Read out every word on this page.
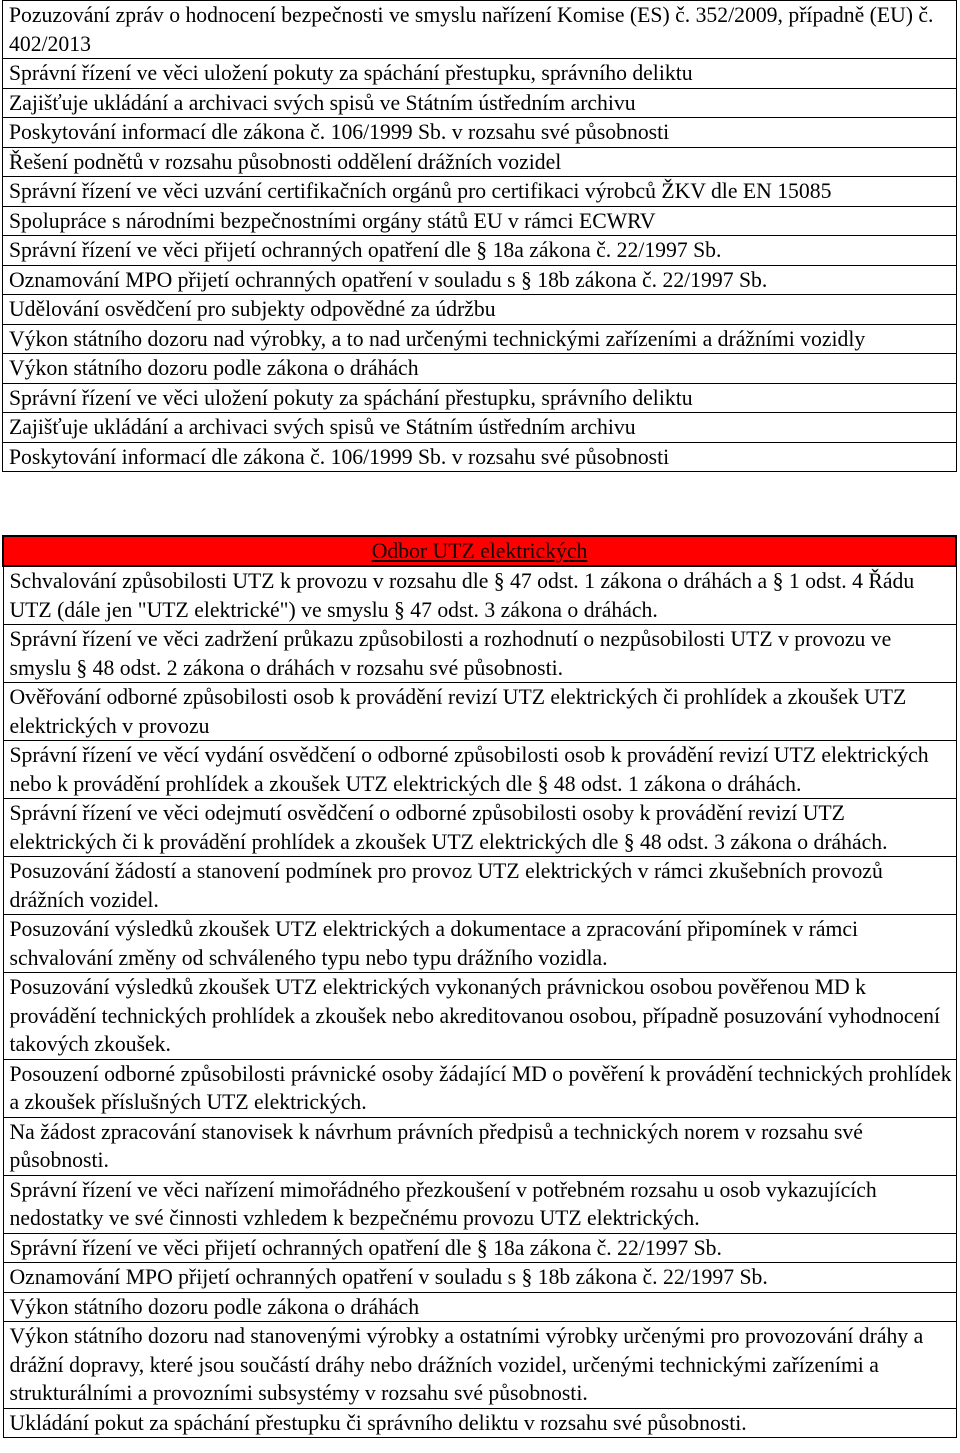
Pozuzování zpráv o hodnocení bezpečnosti ve smyslu nařízení Komise (ES) č. 352/2009, případně (EU) č. 402/2013
Správní řízení ve věci uložení pokuty za spáchání přestupku, správního deliktu
Zajišťuje ukládání a archivaci svých spisů ve Státním ústředním archivu
Poskytování informací dle zákona č. 106/1999 Sb. v rozsahu své působnosti
Řešení podnětů v rozsahu působnosti oddělení drážních vozidel
Správní řízení ve věci uzvání certifikačních orgánů pro certifikaci výrobců ŽKV dle EN 15085
Spolupráce s národními bezpečnostními orgány států EU v rámci ECWRV
Správní řízení ve věci přijetí ochranných opatření dle § 18a zákona č. 22/1997 Sb.
Oznamování MPO přijetí ochranných opatření v souladu s § 18b zákona č. 22/1997 Sb.
Udělování osvědčení pro subjekty odpovědné za údržbu
Výkon státního dozoru nad výrobky, a to nad určenými technickými zařízeními a drážními vozidly
Výkon státního dozoru podle zákona o dráhách
Správní řízení ve věci uložení pokuty za spáchání přestupku, správního deliktu
Zajišťuje ukládání a archivaci svých spisů ve Státním ústředním archivu
Poskytování informací dle zákona č. 106/1999 Sb. v rozsahu své působnosti
Odbor UTZ elektrických
Schvalování způsobilosti UTZ k provozu v rozsahu dle § 47 odst. 1 zákona o dráhách a § 1 odst. 4 Řádu UTZ (dále jen "UTZ elektrické") ve smyslu § 47 odst. 3 zákona o dráhách.
Správní řízení ve věci zadržení průkazu způsobilosti a rozhodnutí o nezpůsobilosti UTZ v provozu ve smyslu § 48 odst. 2 zákona o dráhách v rozsahu své působnosti.
Ověřování odborné způsobilosti osob k provádění revizí UTZ elektrických či prohlídek a zkoušek UTZ elektrických v provozu
Správní řízení ve věcí vydání osvědčení o odborné způsobilosti osob k provádění revizí UTZ elektrických nebo k provádění prohlídek a zkoušek UTZ elektrických dle § 48 odst. 1 zákona o dráhách.
Správní řízení ve věci odejmutí osvědčení o odborné způsobilosti osoby k provádění revizí UTZ elektrických či k provádění prohlídek a zkoušek UTZ elektrických dle § 48 odst. 3 zákona o dráhách.
Posuzování žádostí a stanovení podmínek pro provoz UTZ elektrických v rámci zkušebních provozů drážních vozidel.
Posuzování výsledků zkoušek UTZ elektrických a dokumentace a zpracování připomínek v rámci schvalování změny od schváleného typu nebo typu drážního vozidla.
Posuzování výsledků zkoušek UTZ elektrických vykonaných právnickou osobou pověřenou MD k provádění technických prohlídek a zkoušek nebo akreditovanou osobou, případně posuzování vyhodnocení takových zkoušek.
Posouzení odborné způsobilosti právnické osoby žádající MD o pověření k provádění technických prohlídek a zkoušek příslušných UTZ elektrických.
Na žádost zpracování stanovisek k návrhum právních předpisů a technických norem v rozsahu své působnosti.
Správní řízení ve věci nařízení mimořádného přezkoušení v potřebném rozsahu u osob vykazujících nedostatky ve své činnosti vzhledem k bezpečnému provozu UTZ elektrických.
Správní řízení ve věci přijetí ochranných opatření dle § 18a zákona č. 22/1997 Sb.
Oznamování MPO přijetí ochranných opatření v souladu s § 18b zákona č. 22/1997 Sb.
Výkon státního dozoru podle zákona o dráhách
Výkon státního dozoru nad stanovenými výrobky a ostatními výrobky určenými pro provozování dráhy a drážní dopravy, které jsou součástí dráhy nebo drážních vozidel, určenými technickými zařízeními a strukturálními a provozními subsystémy v rozsahu své působnosti.
Ukládání pokut za spáchání přestupku či správního deliktu v rozsahu své působnosti.
